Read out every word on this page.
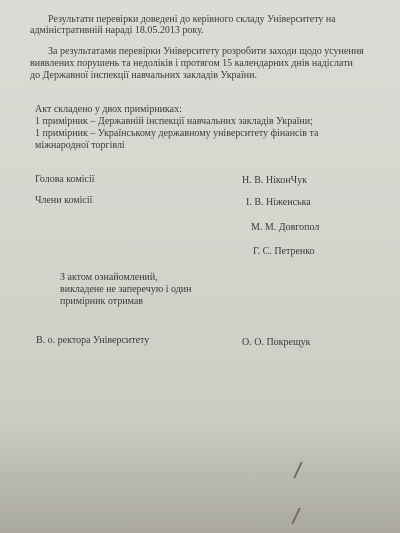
Результати перевірки доведені до керівного складу Університету на
адміністративній нараді 18.05.2013 року.
За результатами перевірки Університету розробити заходи щодо усунення
виявлених порушень та недоліків і протягом 15 календарних днів надіслати
до Державної інспекції навчальних закладів України.
Акт складено у двох примірниках:
1 примірник – Державній інспекції навчальних закладів України;
1 примірник – Українському державному університету фінансів та
міжнародної торгівлі
Голова комісії	Н. В. НіконЧук
Члени комісії	І. В. Ніженська
М. М. Довгопол
Г. С. Петренко
З актом ознайомлений,
викладене не заперечую і один
примірник отримав
В. о. ректора Університету	О. О. Покрещук
